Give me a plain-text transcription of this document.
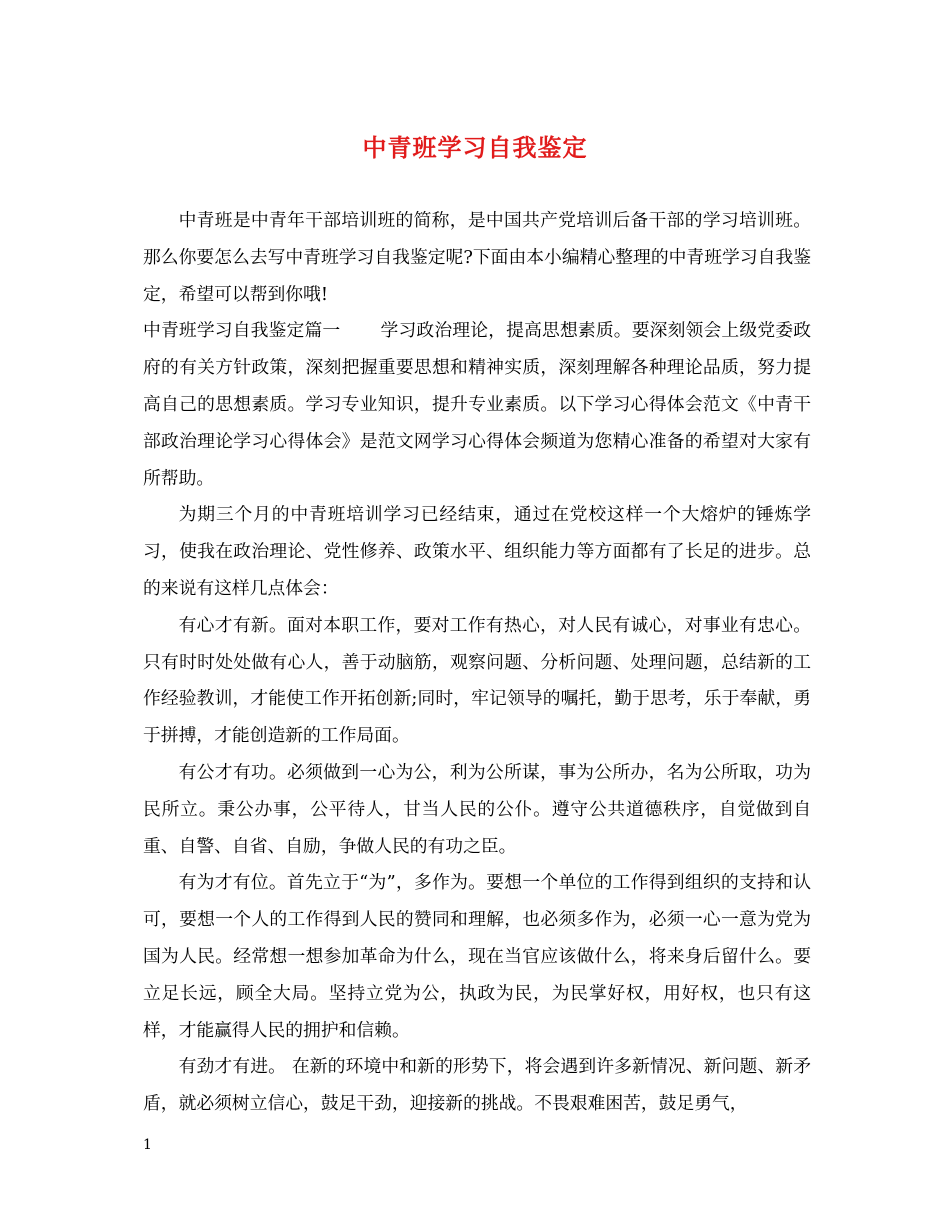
中青班学习自我鉴定

中青班是中青年干部培训班的简称，是中国共产党培训后备干部的学习培训班。那么你要怎么去写中青班学习自我鉴定呢?下面由本小编精心整理的中青班学习自我鉴定，希望可以帮到你哦!

中青班学习自我鉴定篇一 学习政治理论，提高思想素质。要深刻领会上级党委政府的有关方针政策，深刻把握重要思想和精神实质，深刻理解各种理论品质，努力提高自己的思想素质。学习专业知识，提升专业素质。以下学习心得体会范文《中青干部政治理论学习心得体会》是范文网学习心得体会频道为您精心准备的希望对大家有所帮助。

为期三个月的中青班培训学习已经结束，通过在党校这样一个大熔炉的锤炼学习，使我在政治理论、党性修养、政策水平、组织能力等方面都有了长足的进步。总的来说有这样几点体会：

有心才有新。面对本职工作，要对工作有热心，对人民有诚心，对事业有忠心。只有时时处处做有心人，善于动脑筋，观察问题、分析问题、处理问题，总结新的工作经验教训，才能使工作开拓创新;同时，牢记领导的嘱托，勤于思考，乐于奉献，勇于拼搏，才能创造新的工作局面。

有公才有功。必须做到一心为公，利为公所谋，事为公所办，名为公所取，功为民所立。秉公办事，公平待人，甘当人民的公仆。遵守公共道德秩序，自觉做到自重、自警、自省、自励，争做人民的有功之臣。

有为才有位。首先立于“为”，多作为。要想一个单位的工作得到组织的支持和认可，要想一个人的工作得到人民的赞同和理解，也必须多作为，必须一心一意为党为国为人民。经常想一想参加革命为什么，现在当官应该做什么，将来身后留什么。要立足长远，顾全大局。坚持立党为公，执政为民，为民掌好权，用好权，也只有这样，才能赢得人民的拥护和信赖。

有劲才有进。 在新的环境中和新的形势下，将会遇到许多新情况、新问题、新矛盾，就必须树立信心，鼓足干劲，迎接新的挑战。不畏艰难困苦，鼓足勇气，

1
